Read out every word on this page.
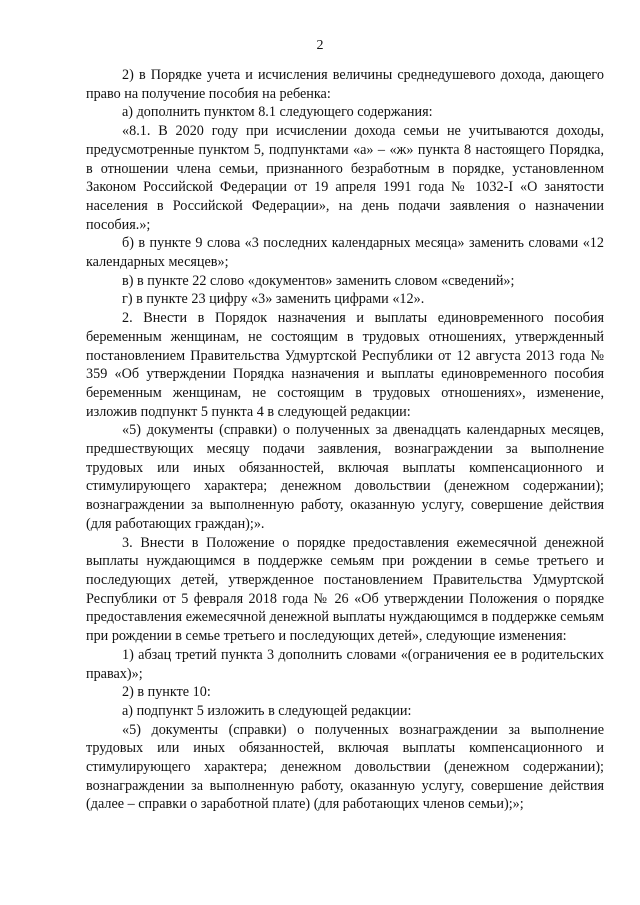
2

2) в Порядке учета и исчисления величины среднедушевого дохода, дающего право на получение пособия на ребенка:

а) дополнить пунктом 8.1 следующего содержания:

«8.1. В 2020 году при исчислении дохода семьи не учитываются доходы, предусмотренные пунктом 5, подпунктами «а» – «ж» пункта 8 настоящего Порядка, в отношении члена семьи, признанного безработным в порядке, установленном Законом Российской Федерации от 19 апреля 1991 года № 1032-I «О занятости населения в Российской Федерации», на день подачи заявления о назначении пособия.»;

б) в пункте 9 слова «3 последних календарных месяца» заменить словами «12 календарных месяцев»;

в) в пункте 22 слово «документов» заменить словом «сведений»;

г) в пункте 23 цифру «3» заменить цифрами «12».

2. Внести в Порядок назначения и выплаты единовременного пособия беременным женщинам, не состоящим в трудовых отношениях, утвержденный постановлением Правительства Удмуртской Республики от 12 августа 2013 года № 359 «Об утверждении Порядка назначения и выплаты единовременного пособия беременным женщинам, не состоящим в трудовых отношениях», изменение, изложив подпункт 5 пункта 4 в следующей редакции:

«5) документы (справки) о полученных за двенадцать календарных месяцев, предшествующих месяцу подачи заявления, вознаграждении за выполнение трудовых или иных обязанностей, включая выплаты компенсационного и стимулирующего характера; денежном довольствии (денежном содержании); вознаграждении за выполненную работу, оказанную услугу, совершение действия (для работающих граждан);».

3. Внести в Положение о порядке предоставления ежемесячной денежной выплаты нуждающимся в поддержке семьям при рождении в семье третьего и последующих детей, утвержденное постановлением Правительства Удмуртской Республики от 5 февраля 2018 года № 26 «Об утверждении Положения о порядке предоставления ежемесячной денежной выплаты нуждающимся в поддержке семьям при рождении в семье третьего и последующих детей», следующие изменения:

1) абзац третий пункта 3 дополнить словами «(ограничения ее в родительских правах)»;

2) в пункте 10:

а) подпункт 5 изложить в следующей редакции:

«5) документы (справки) о полученных вознаграждении за выполнение трудовых или иных обязанностей, включая выплаты компенсационного и стимулирующего характера; денежном довольствии (денежном содержании); вознаграждении за выполненную работу, оказанную услугу, совершение действия (далее – справки о заработной плате) (для работающих членов семьи);»;
